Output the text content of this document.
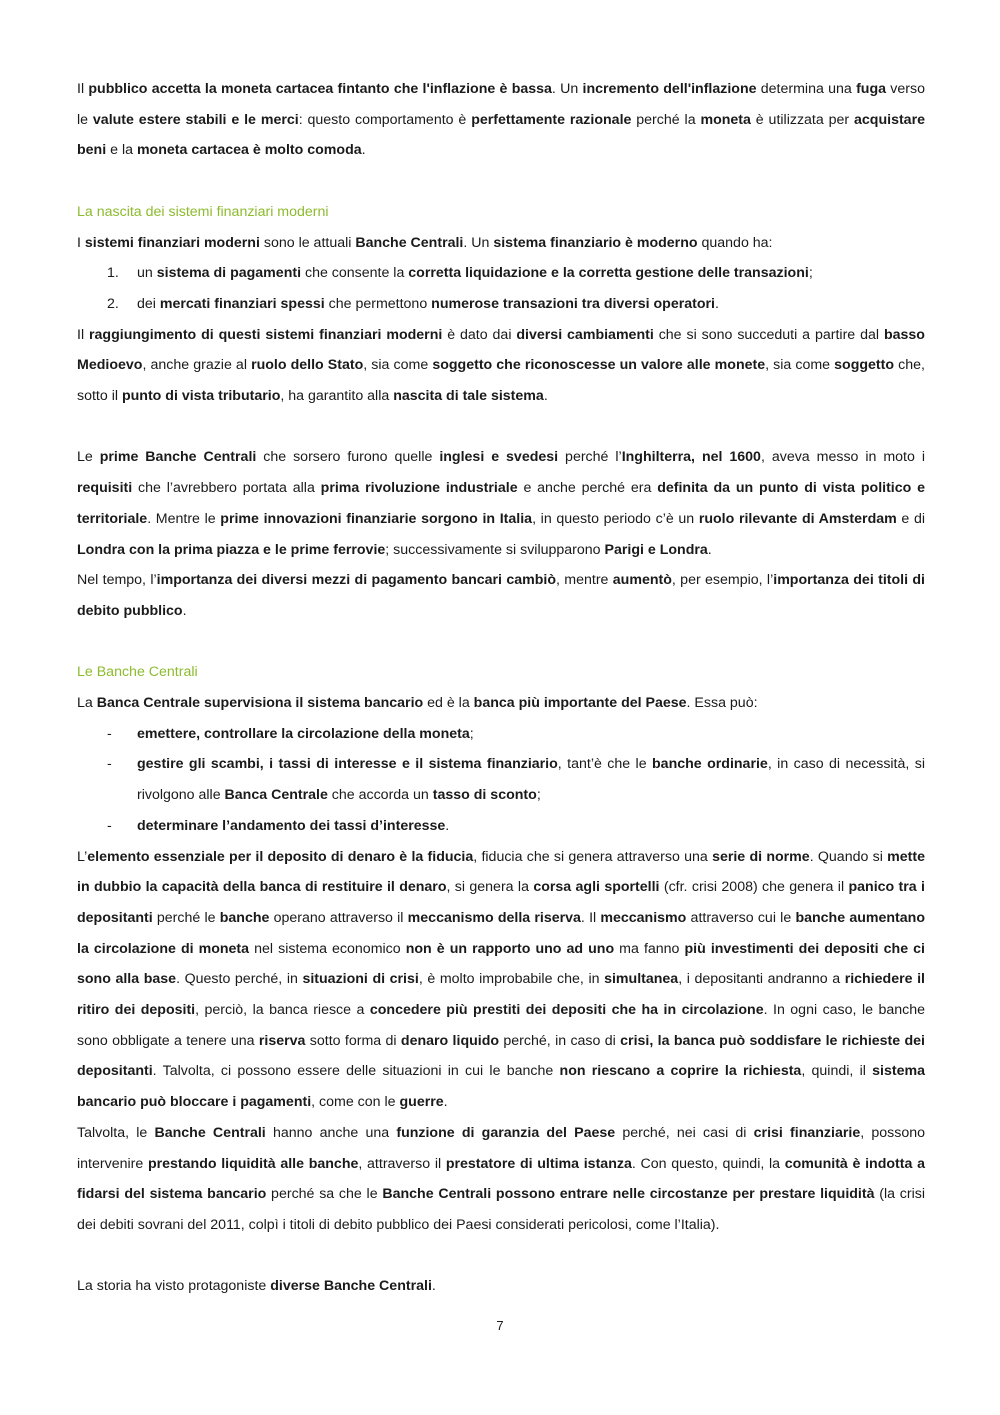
Il pubblico accetta la moneta cartacea fintanto che l'inflazione è bassa. Un incremento dell'inflazione determina una fuga verso le valute estere stabili e le merci: questo comportamento è perfettamente razionale perché la moneta è utilizzata per acquistare beni e la moneta cartacea è molto comoda.

La nascita dei sistemi finanziari moderni

I sistemi finanziari moderni sono le attuali Banche Centrali. Un sistema finanziario è moderno quando ha:

1.	un sistema di pagamenti che consente la corretta liquidazione e la corretta gestione delle transazioni;
2.	dei mercati finanziari spessi che permettono numerose transazioni tra diversi operatori.

Il raggiungimento di questi sistemi finanziari moderni è dato dai diversi cambiamenti che si sono succeduti a partire dal basso Medioevo, anche grazie al ruolo dello Stato, sia come soggetto che riconoscesse un valore alle monete, sia come soggetto che, sotto il punto di vista tributario, ha garantito alla nascita di tale sistema.

Le prime Banche Centrali che sorsero furono quelle inglesi e svedesi perché l’Inghilterra, nel 1600, aveva messo in moto i requisiti che l’avrebbero portata alla prima rivoluzione industriale e anche perché era definita da un punto di vista politico e territoriale. Mentre le prime innovazioni finanziarie sorgono in Italia, in questo periodo c’è un ruolo rilevante di Amsterdam e di Londra con la prima piazza e le prime ferrovie; successivamente si svilupparono Parigi e Londra.

Nel tempo, l’importanza dei diversi mezzi di pagamento bancari cambiò, mentre aumentò, per esempio, l’importanza dei titoli di debito pubblico.

Le Banche Centrali

La Banca Centrale supervisiona il sistema bancario ed è la banca più importante del Paese. Essa può:

-	emettere, controllare la circolazione della moneta;
-	gestire gli scambi, i tassi di interesse e il sistema finanziario, tant’è che le banche ordinarie, in caso di necessità, si rivolgono alle Banca Centrale che accorda un tasso di sconto;
-	determinare l’andamento dei tassi d’interesse.

L’elemento essenziale per il deposito di denaro è la fiducia, fiducia che si genera attraverso una serie di norme. Quando si mette in dubbio la capacità della banca di restituire il denaro, si genera la corsa agli sportelli (cfr. crisi 2008) che genera il panico tra i depositanti perché le banche operano attraverso il meccanismo della riserva. Il meccanismo attraverso cui le banche aumentano la circolazione di moneta nel sistema economico non è un rapporto uno ad uno ma fanno più investimenti dei depositi che ci sono alla base. Questo perché, in situazioni di crisi, è molto improbabile che, in simultanea, i depositanti andranno a richiedere il ritiro dei depositi, perciò, la banca riesce a concedere più prestiti dei depositi che ha in circolazione. In ogni caso, le banche sono obbligate a tenere una riserva sotto forma di denaro liquido perché, in caso di crisi, la banca può soddisfare le richieste dei depositanti. Talvolta, ci possono essere delle situazioni in cui le banche non riescano a coprire la richiesta, quindi, il sistema bancario può bloccare i pagamenti, come con le guerre.

Talvolta, le Banche Centrali hanno anche una funzione di garanzia del Paese perché, nei casi di crisi finanziarie, possono intervenire prestando liquidità alle banche, attraverso il prestatore di ultima istanza. Con questo, quindi, la comunità è indotta a fidarsi del sistema bancario perché sa che le Banche Centrali possono entrare nelle circostanze per prestare liquidità (la crisi dei debiti sovrani del 2011, colpì i titoli di debito pubblico dei Paesi considerati pericolosi, come l’Italia).

La storia ha visto protagoniste diverse Banche Centrali.

7
